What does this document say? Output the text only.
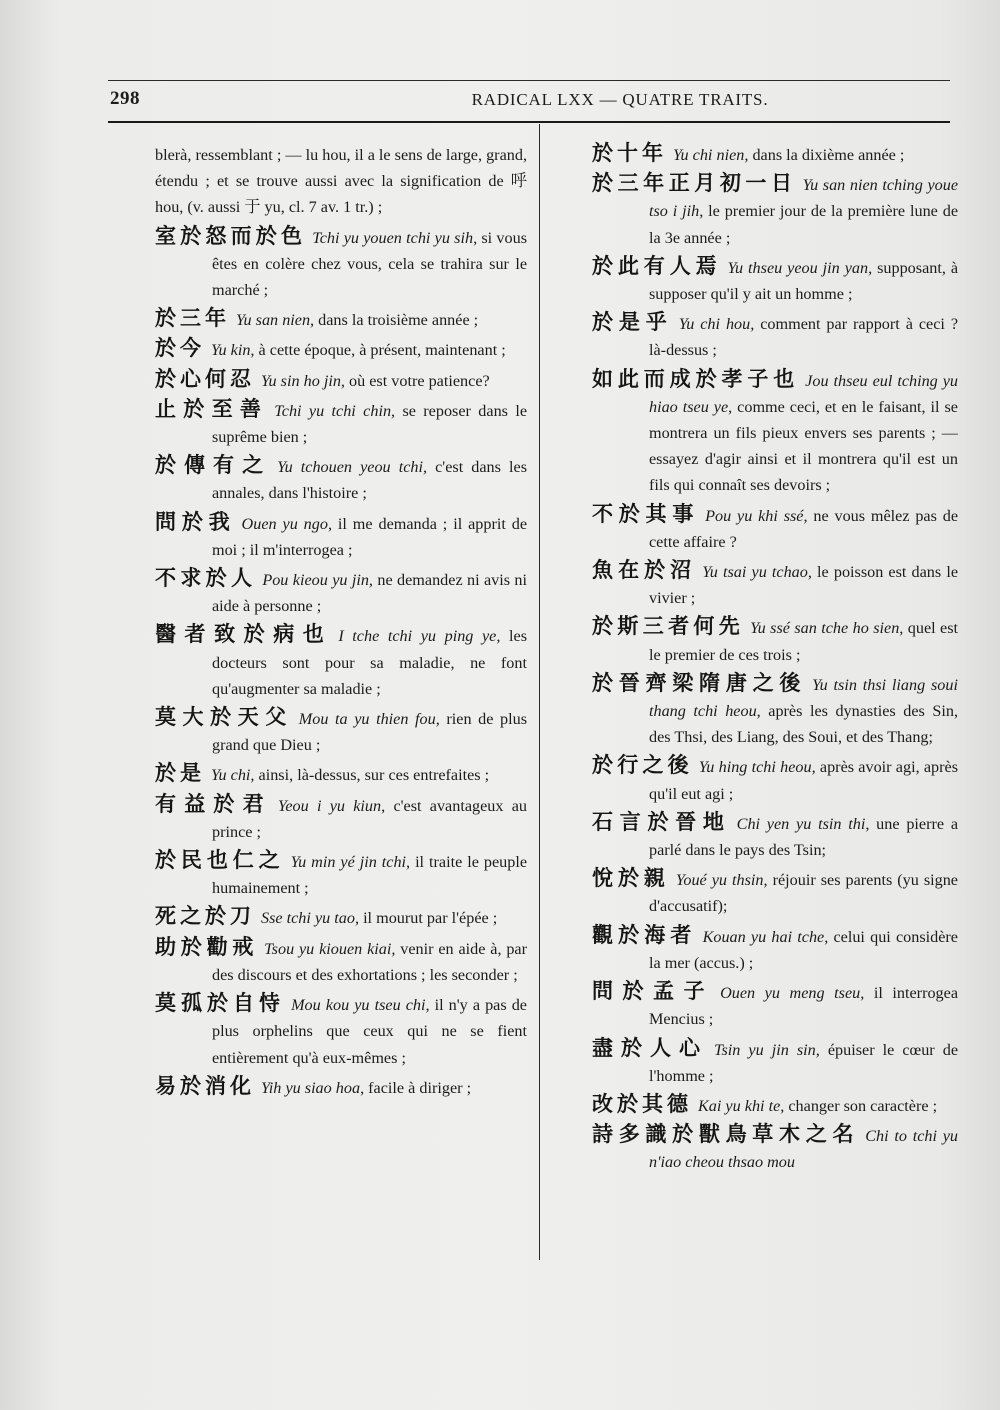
298	RADICAL LXX — QUATRE TRAITS.

blerà, ressemblant ; — lu hou, il a le sens de large, grand, étendu ; et se trouve aussi avec la signification de 呼 hou, (v. aussi 于 yu, cl. 7 av. 1 tr.) ;

室於怒而於色 Tchi yu youen tchi yu sih, si vous êtes en colère chez vous, cela se trahira sur le marché ;

於三年 Yu san nien, dans la troisième année ;

於今 Yu kin, à cette époque, à présent, maintenant ;

於心何忍 Yu sin ho jin, où est votre patience?

止於至善 Tchi yu tchi chin, se reposer dans le suprême bien ;

於傳有之 Yu tchouen yeou tchi, c'est dans les annales, dans l'histoire ;

問於我 Ouen yu ngo, il me demanda ; il apprit de moi ; il m'interrogea ;

不求於人 Pou kieou yu jin, ne demandez ni avis ni aide à personne ;

醫者致於病也 I tche tchi yu ping ye, les docteurs sont pour sa maladie, ne font qu'augmenter sa maladie ;

莫大於天父 Mou ta yu thien fou, rien de plus grand que Dieu ;

於是 Yu chi, ainsi, là-dessus, sur ces entrefaites ;

有益於君 Yeou i yu kiun, c'est avantageux au prince ;

於民也仁之 Yu min yé jin tchi, il traite le peuple humainement ;

死之於刀 Sse tchi yu tao, il mourut par l'épée ;

助於勸戒 Tsou yu kiouen kiai, venir en aide à, par des discours et des exhortations ; les seconder ;

莫孤於自恃 Mou kou yu tseu chi, il n'y a pas de plus orphelins que ceux qui ne se fient entièrement qu'à eux-mêmes ;

易於消化 Yih yu siao hoa, facile à diriger ;

於十年 Yu chi nien, dans la dixième année ;

於三年正月初一日 Yu san nien tching youe tso i jih, le premier jour de la première lune de la 3e année ;

於此有人焉 Yu thseu yeou jin yan, supposant, à supposer qu'il y ait un homme ;

於是乎 Yu chi hou, comment par rapport à ceci ? là-dessus ;

如此而成於孝子也 Jou thseu eul tching yu hiao tseu ye, comme ceci, et en le faisant, il se montrera un fils pieux envers ses parents ; — essayez d'agir ainsi et il montrera qu'il est un fils qui connaît ses devoirs ;

不於其事 Pou yu khi ssé, ne vous mêlez pas de cette affaire ?

魚在於沼 Yu tsai yu tchao, le poisson est dans le vivier ;

於斯三者何先 Yu ssé san tche ho sien, quel est le premier de ces trois ;

於晉齊梁隋唐之後 Yu tsin thsi liang soui thang tchi heou, après les dynasties des Sin, des Thsi, des Liang, des Soui, et des Thang;

於行之後 Yu hing tchi heou, après avoir agi, après qu'il eut agi ;

石言於晉地 Chi yen yu tsin thi, une pierre a parlé dans le pays des Tsin;

悅於親 Youé yu thsin, réjouir ses parents (yu signe d'accusatif);

觀於海者 Kouan yu hai tche, celui qui considère la mer (accus.) ;

問於孟子 Ouen yu meng tseu, il interrogea Mencius ;

盡於人心 Tsin yu jin sin, épuiser le cœur de l'homme ;

改於其德 Kai yu khi te, changer son caractère ;

詩多識於獸鳥草木之名 Chi to tchi yu n'iao cheou thsao mou
